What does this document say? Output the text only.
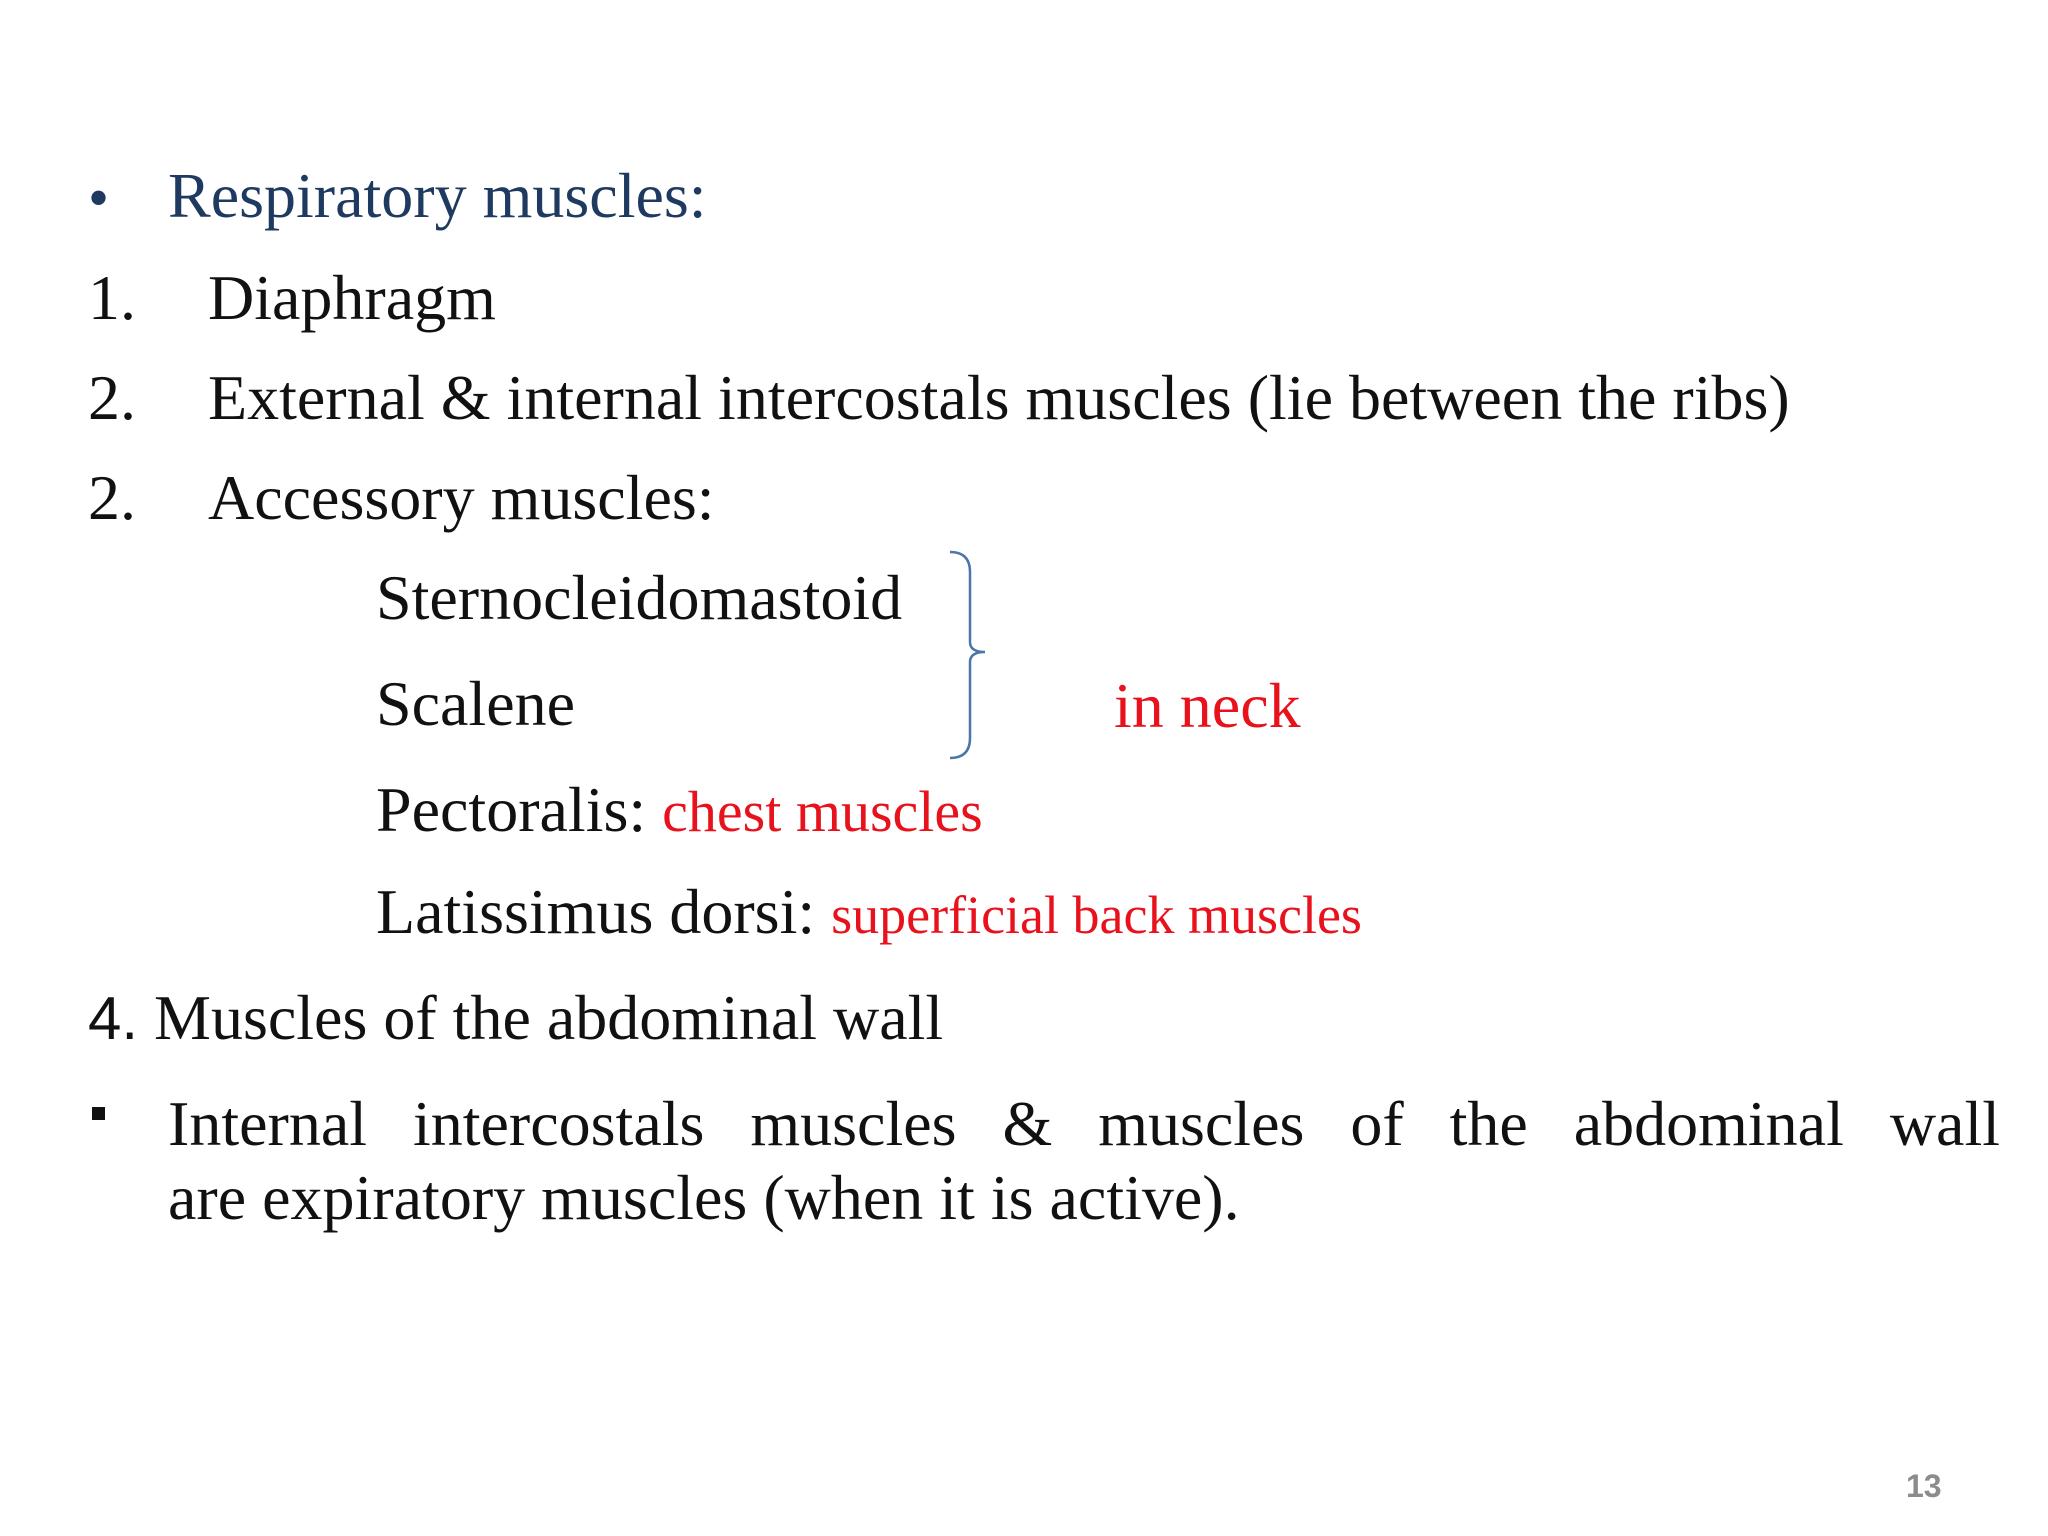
• Respiratory muscles:
1. Diaphragm
2. External & internal intercostals muscles (lie between the ribs)
2. Accessory muscles:
Sternocleidomastoid
Scalene	in neck
Pectoralis: chest muscles
Latissimus dorsi: superficial back muscles
4. Muscles of the abdominal wall
Internal intercostals muscles & muscles of the abdominal wall
are expiratory muscles (when it is active).
13
